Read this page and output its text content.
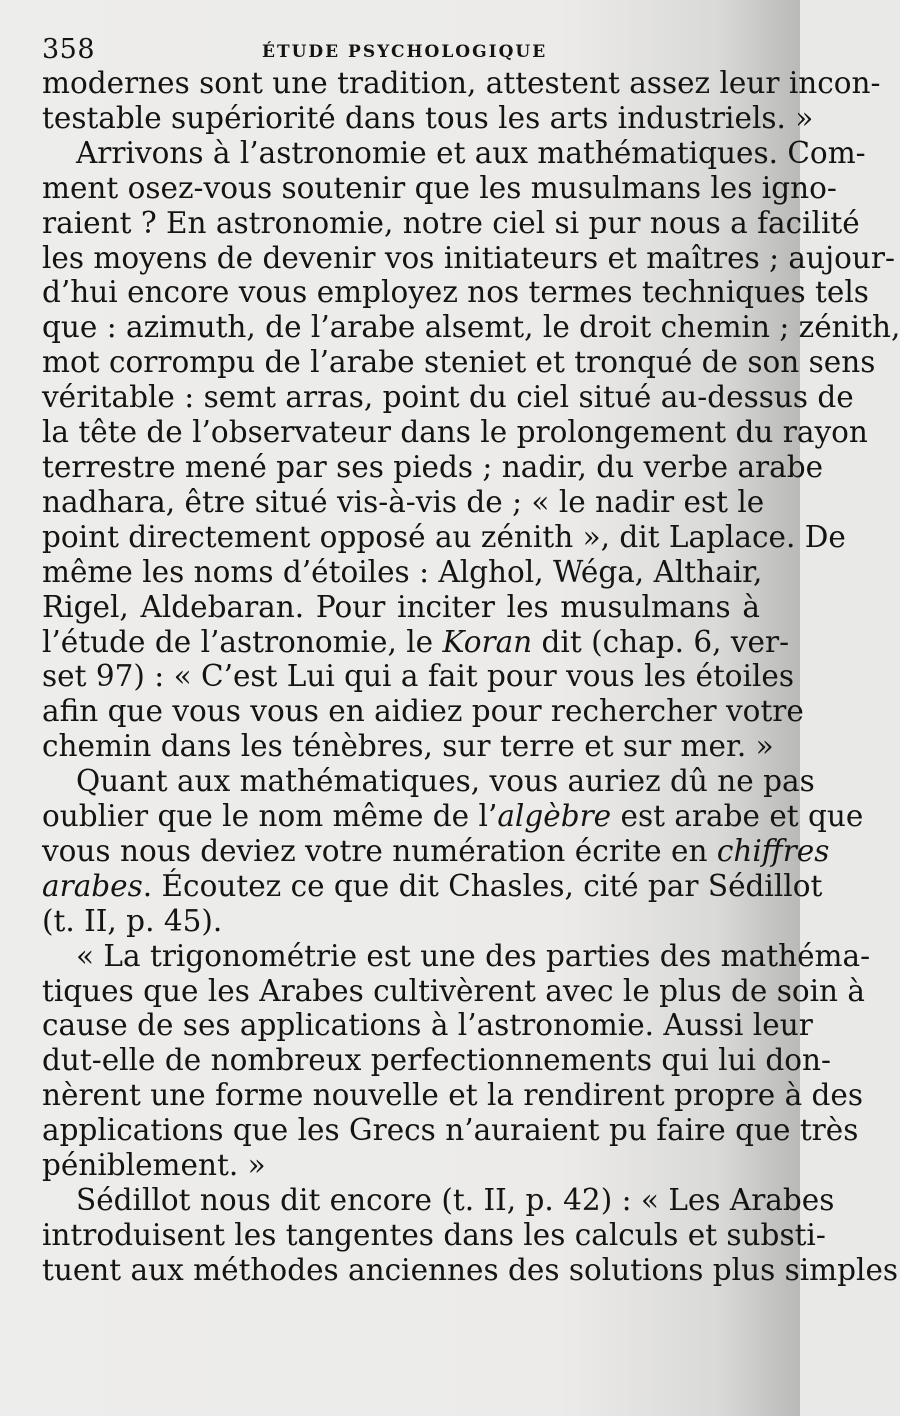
358	ÉTUDE PSYCHOLOGIQUE
modernes sont une tradition, attestent assez leur incon-
testable supériorité dans tous les arts industriels. »
Arrivons à l’astronomie et aux mathématiques. Com-
ment osez-vous soutenir que les musulmans les igno-
raient ? En astronomie, notre ciel si pur nous a facilité
les moyens de devenir vos initiateurs et maîtres ; aujour-
d’hui encore vous employez nos termes techniques tels
que : azimuth, de l’arabe alsemt, le droit chemin ; zénith,
mot corrompu de l’arabe steniet et tronqué de son sens
véritable : semt arras, point du ciel situé au-dessus de
la tête de l’observateur dans le prolongement du rayon
terrestre mené par ses pieds ; nadir, du verbe arabe
nadhara, être situé vis-à-vis de ; « le nadir est le
point directement opposé au zénith », dit Laplace. De
même les noms d’étoiles : Alghol, Wéga, Althair,
Rigel, Aldebaran. Pour inciter les musulmans à
l’étude de l’astronomie, le Koran dit (chap. 6, ver-
set 97) : « C’est Lui qui a fait pour vous les étoiles
afin que vous vous en aidiez pour rechercher votre
chemin dans les ténèbres, sur terre et sur mer. »
Quant aux mathématiques, vous auriez dû ne pas
oublier que le nom même de l’algèbre est arabe et que
vous nous deviez votre numération écrite en chiffres
arabes. Écoutez ce que dit Chasles, cité par Sédillot
(t. II, p. 45).
« La trigonométrie est une des parties des mathéma-
tiques que les Arabes cultivèrent avec le plus de soin à
cause de ses applications à l’astronomie. Aussi leur
dut-elle de nombreux perfectionnements qui lui don-
nèrent une forme nouvelle et la rendirent propre à des
applications que les Grecs n’auraient pu faire que très
péniblement. »
Sédillot nous dit encore (t. II, p. 42) : « Les Arabes
introduisent les tangentes dans les calculs et substi-
tuent aux méthodes anciennes des solutions plus simples
